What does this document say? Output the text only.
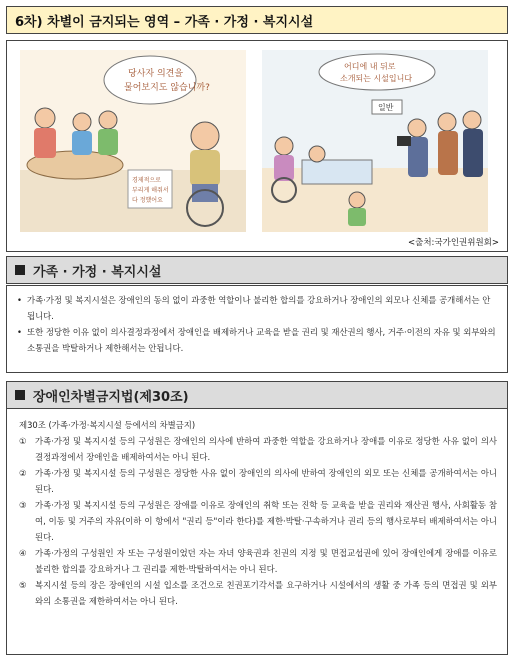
6차) 차별이 금지되는 영역 – 가족 · 가정 · 복지시설
당사자 의견을
물어보지도 않습니까?
경제적으로
부리게 해줘서
다 정했어요
일반
어디에 내 뒤로
소개되는 시설입니다
<출처:국가인권위원회>
가족 · 가정 · 복지시설
• 가족·가정 및 복지시설은 장애인의 동의 없이 과중한 역할이나 불리한 합의를 강요하거나 장애인의 외모나 신체를 공개해서는 안됩니다.
• 또한 정당한 이유 없이 의사결정과정에서 장애인을 배제하거나 교육을 받을 권리 및 재산권의 행사, 거주·이전의 자유 및 외부와의 소통권을 박탈하거나 제한해서는 안됩니다.
장애인차별금지법(제30조)
제30조 (가족·가정·복지시설 등에서의 차별금지)
① 가족·가정 및 복지시설 등의 구성원은 장애인의 의사에 반하여 과중한 역할을 강요하거나 장애를 이유로 정당한 사유 없이 의사결정과정에서 장애인을 배제하여서는 아니 된다.
② 가족·가정 및 복지시설 등의 구성원은 정당한 사유 없이 장애인의 의사에 반하여 장애인의 외모 또는 신체를 공개하여서는 아니 된다.
③ 가족·가정 및 복지시설 등의 구성원은 장애를 이유로 장애인의 취학 또는 진학 등 교육을 받을 권리와 재산권 행사, 사회활동 참여, 이동 및 거주의 자유(이하 이 항에서 "권리 등"이라 한다)를 제한·박탈·구속하거나 권리 등의 행사로부터 배제하여서는 아니 된다.
④ 가족·가정의 구성원인 자 또는 구성원이었던 자는 자녀 양육권과 친권의 지정 및 면접교섭권에 있어 장애인에게 장애를 이유로 불리한 합의를 강요하거나 그 권리를 제한·박탈하여서는 아니 된다.
⑤ 복지시설 등의 장은 장애인의 시설 입소를 조건으로 친권포기각서를 요구하거나 시설에서의 생활 중 가족 등의 면접권 및 외부와의 소통권을 제한하여서는 아니 된다.
